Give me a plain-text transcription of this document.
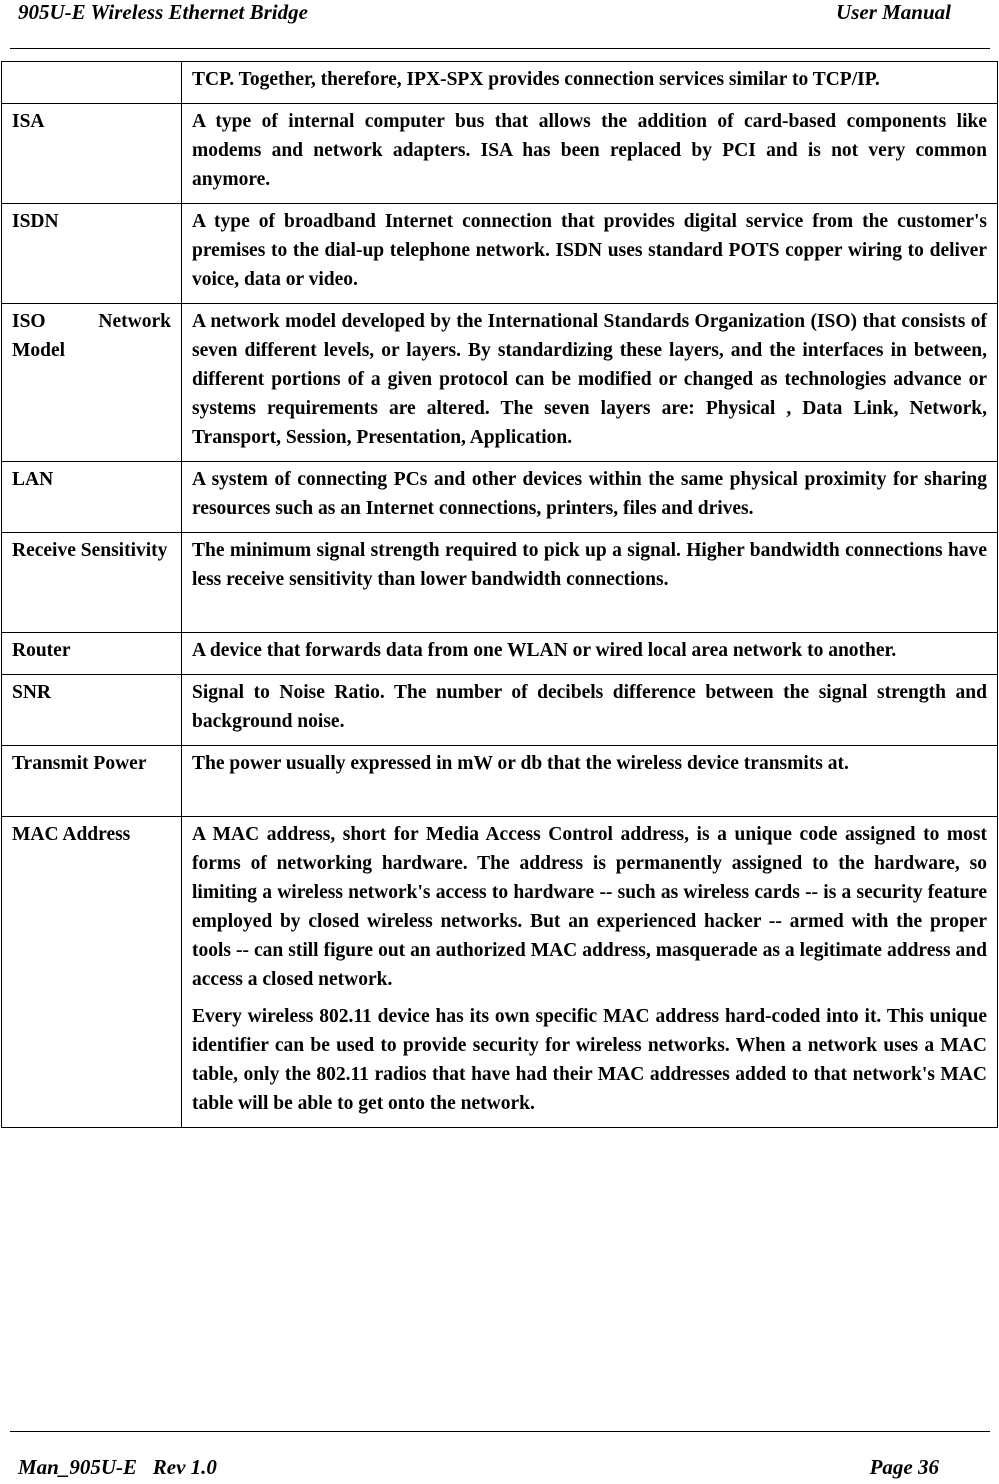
905U-E Wireless Ethernet Bridge	User Manual

	TCP. Together, therefore, IPX-SPX provides connection services similar to TCP/IP.

ISA	A type of internal computer bus that allows the addition of card-based components like modems and network adapters. ISA has been replaced by PCI and is not very common anymore.

ISDN	A type of broadband Internet connection that provides digital service from the customer's premises to the dial-up telephone network. ISDN uses standard POTS copper wiring to deliver voice, data or video.

ISO Network Model	A network model developed by the International Standards Organization (ISO) that consists of seven different levels, or layers. By standardizing these layers, and the interfaces in between, different portions of a given protocol can be modified or changed as technologies advance or systems requirements are altered. The seven layers are: Physical , Data Link, Network, Transport, Session, Presentation, Application.

LAN	A system of connecting PCs and other devices within the same physical proximity for sharing resources such as an Internet connections, printers, files and drives.

Receive Sensitivity	The minimum signal strength required to pick up a signal. Higher bandwidth connections have less receive sensitivity than lower bandwidth connections.

Router	A device that forwards data from one WLAN or wired local area network to another.

SNR	Signal to Noise Ratio. The number of decibels difference between the signal strength and background noise.

Transmit Power	The power usually expressed in mW or db that the wireless device transmits at.

MAC Address	A MAC address, short for Media Access Control address, is a unique code assigned to most forms of networking hardware. The address is permanently assigned to the hardware, so limiting a wireless network's access to hardware -- such as wireless cards -- is a security feature employed by closed wireless networks. But an experienced hacker -- armed with the proper tools -- can still figure out an authorized MAC address, masquerade as a legitimate address and access a closed network.

Every wireless 802.11 device has its own specific MAC address hard-coded into it. This unique identifier can be used to provide security for wireless networks. When a network uses a MAC table, only the 802.11 radios that have had their MAC addresses added to that network's MAC table will be able to get onto the network.

Man_905U-E   Rev 1.0	Page 36
